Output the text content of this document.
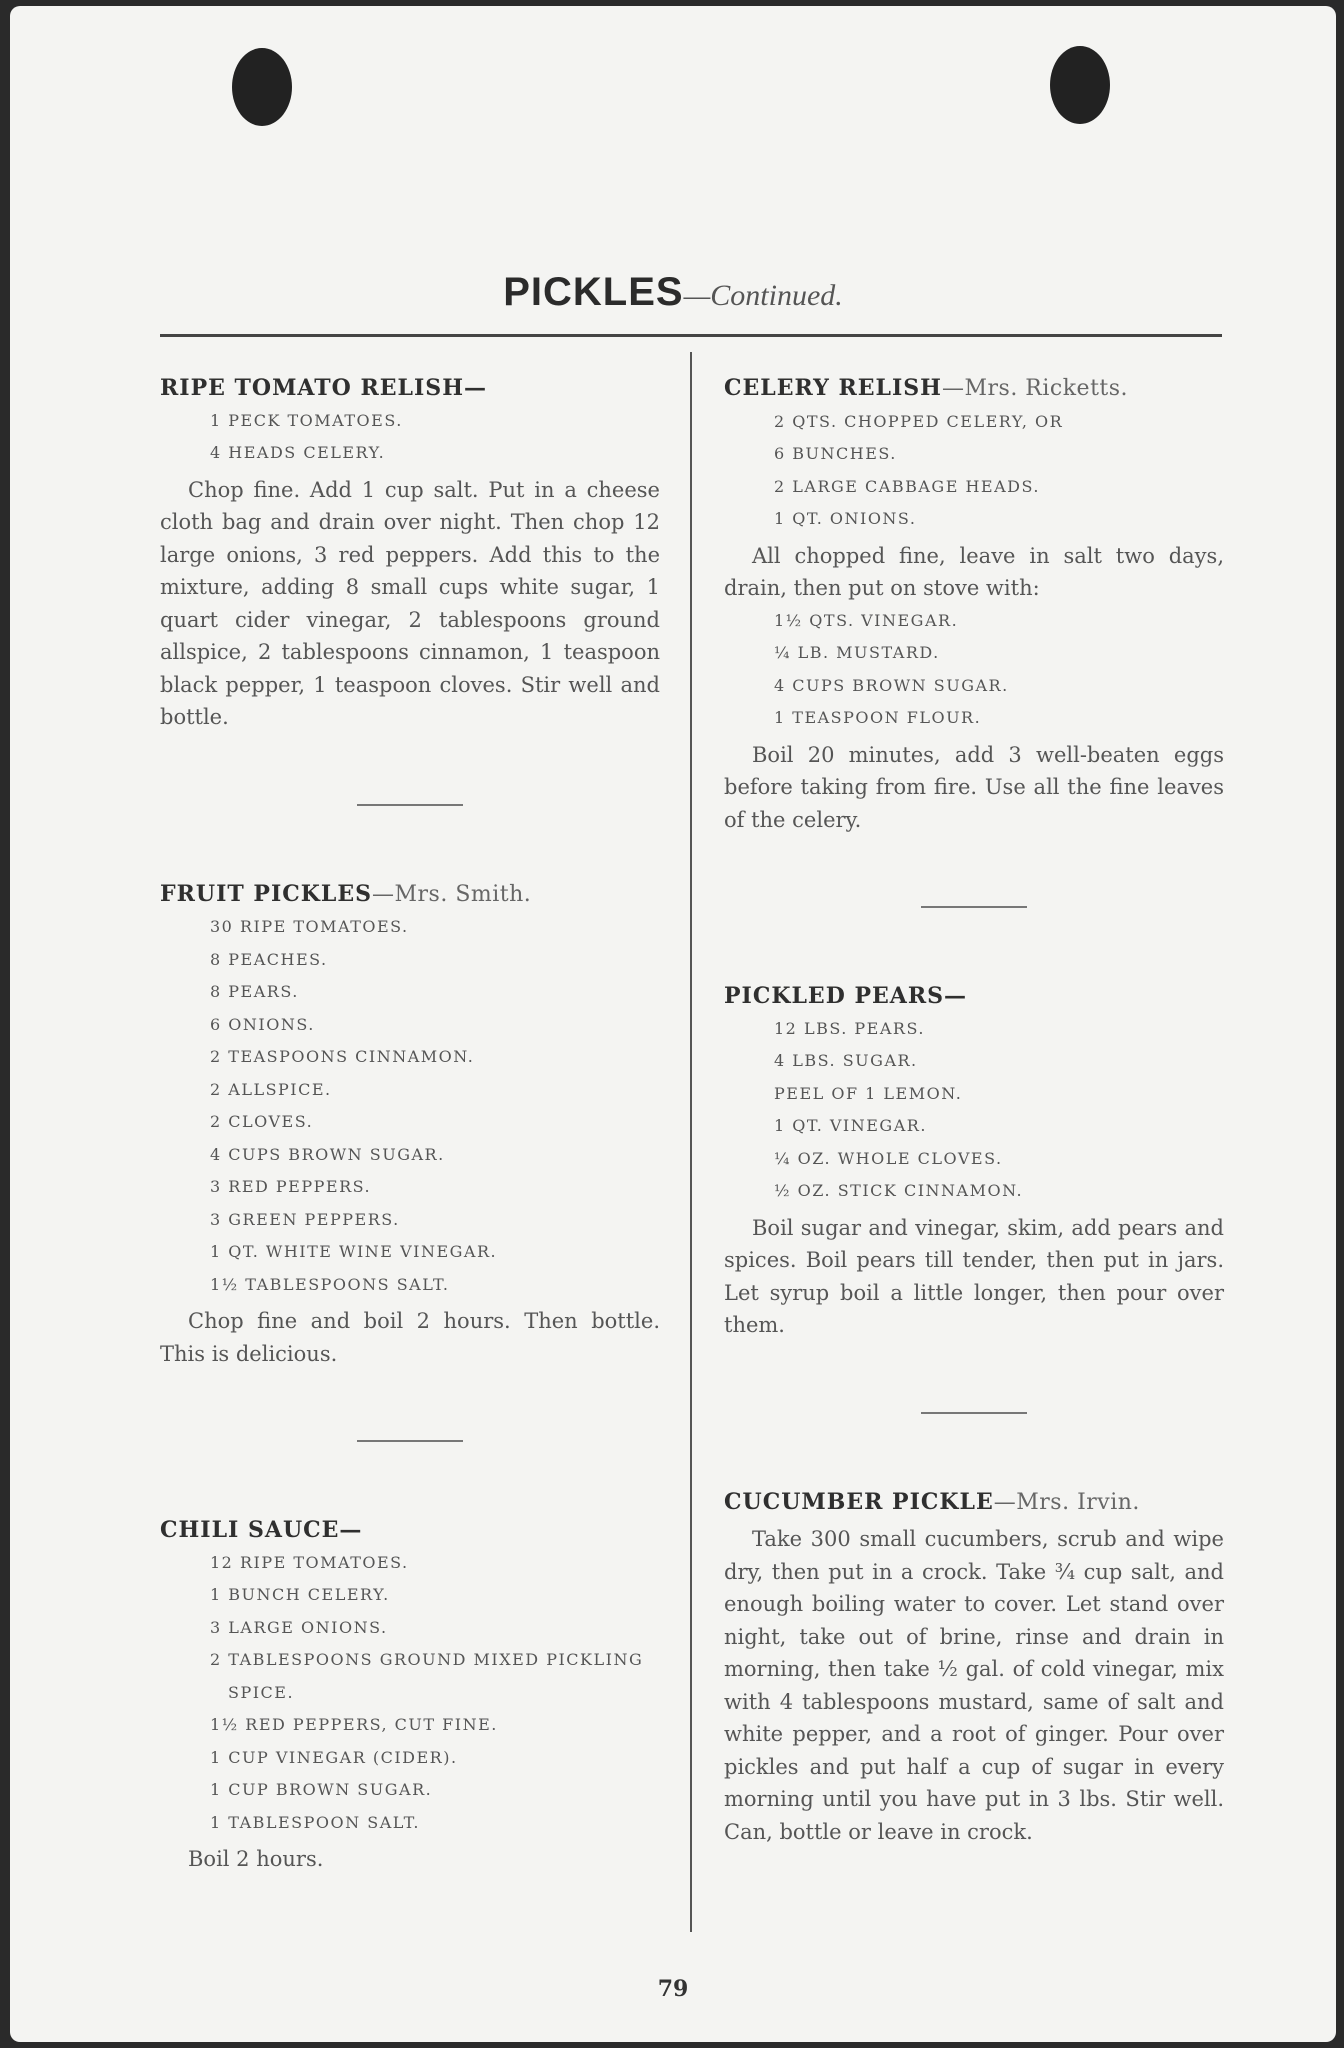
PICKLES—Continued.
RIPE TOMATO RELISH—
1 PECK TOMATOES.
4 HEADS CELERY.

Chop fine. Add 1 cup salt. Put in a cheese cloth bag and drain over night. Then chop 12 large onions, 3 red peppers. Add this to the mixture, adding 8 small cups white sugar, 1 quart cider vinegar, 2 tablespoons ground allspice, 2 tablespoons cinnamon, 1 teaspoon black pepper, 1 teaspoon cloves. Stir well and bottle.

FRUIT PICKLES—Mrs. Smith.
30 RIPE TOMATOES.
8 PEACHES.
8 PEARS.
6 ONIONS.
2 TEASPOONS CINNAMON.
2 ALLSPICE.
2 CLOVES.
4 CUPS BROWN SUGAR.
3 RED PEPPERS.
3 GREEN PEPPERS.
1 QT. WHITE WINE VINEGAR.
1½ TABLESPOONS SALT.

Chop fine and boil 2 hours. Then bottle. This is delicious.

CHILI SAUCE—
12 RIPE TOMATOES.
1 BUNCH CELERY.
3 LARGE ONIONS.
2 TABLESPOONS GROUND MIXED PICKLING SPICE.
1½ RED PEPPERS, CUT FINE.
1 CUP VINEGAR (CIDER).
1 CUP BROWN SUGAR.
1 TABLESPOON SALT.

Boil 2 hours.

CELERY RELISH—Mrs. Ricketts.
2 QTS. CHOPPED CELERY, OR
6 BUNCHES.
2 LARGE CABBAGE HEADS.
1 QT. ONIONS.

All chopped fine, leave in salt two days, drain, then put on stove with:

1½ QTS. VINEGAR.
¼ LB. MUSTARD.
4 CUPS BROWN SUGAR.
1 TEASPOON FLOUR.

Boil 20 minutes, add 3 well-beaten eggs before taking from fire. Use all the fine leaves of the celery.

PICKLED PEARS—
12 LBS. PEARS.
4 LBS. SUGAR.
PEEL OF 1 LEMON.
1 QT. VINEGAR.
¼ OZ. WHOLE CLOVES.
½ OZ. STICK CINNAMON.

Boil sugar and vinegar, skim, add pears and spices. Boil pears till tender, then put in jars. Let syrup boil a little longer, then pour over them.

CUCUMBER PICKLE—Mrs. Irvin.

Take 300 small cucumbers, scrub and wipe dry, then put in a crock. Take ¾ cup salt, and enough boiling water to cover. Let stand over night, take out of brine, rinse and drain in morning, then take ½ gal. of cold vinegar, mix with 4 tablespoons mustard, same of salt and white pepper, and a root of ginger. Pour over pickles and put half a cup of sugar in every morning until you have put in 3 lbs. Stir well. Can, bottle or leave in crock.

79
